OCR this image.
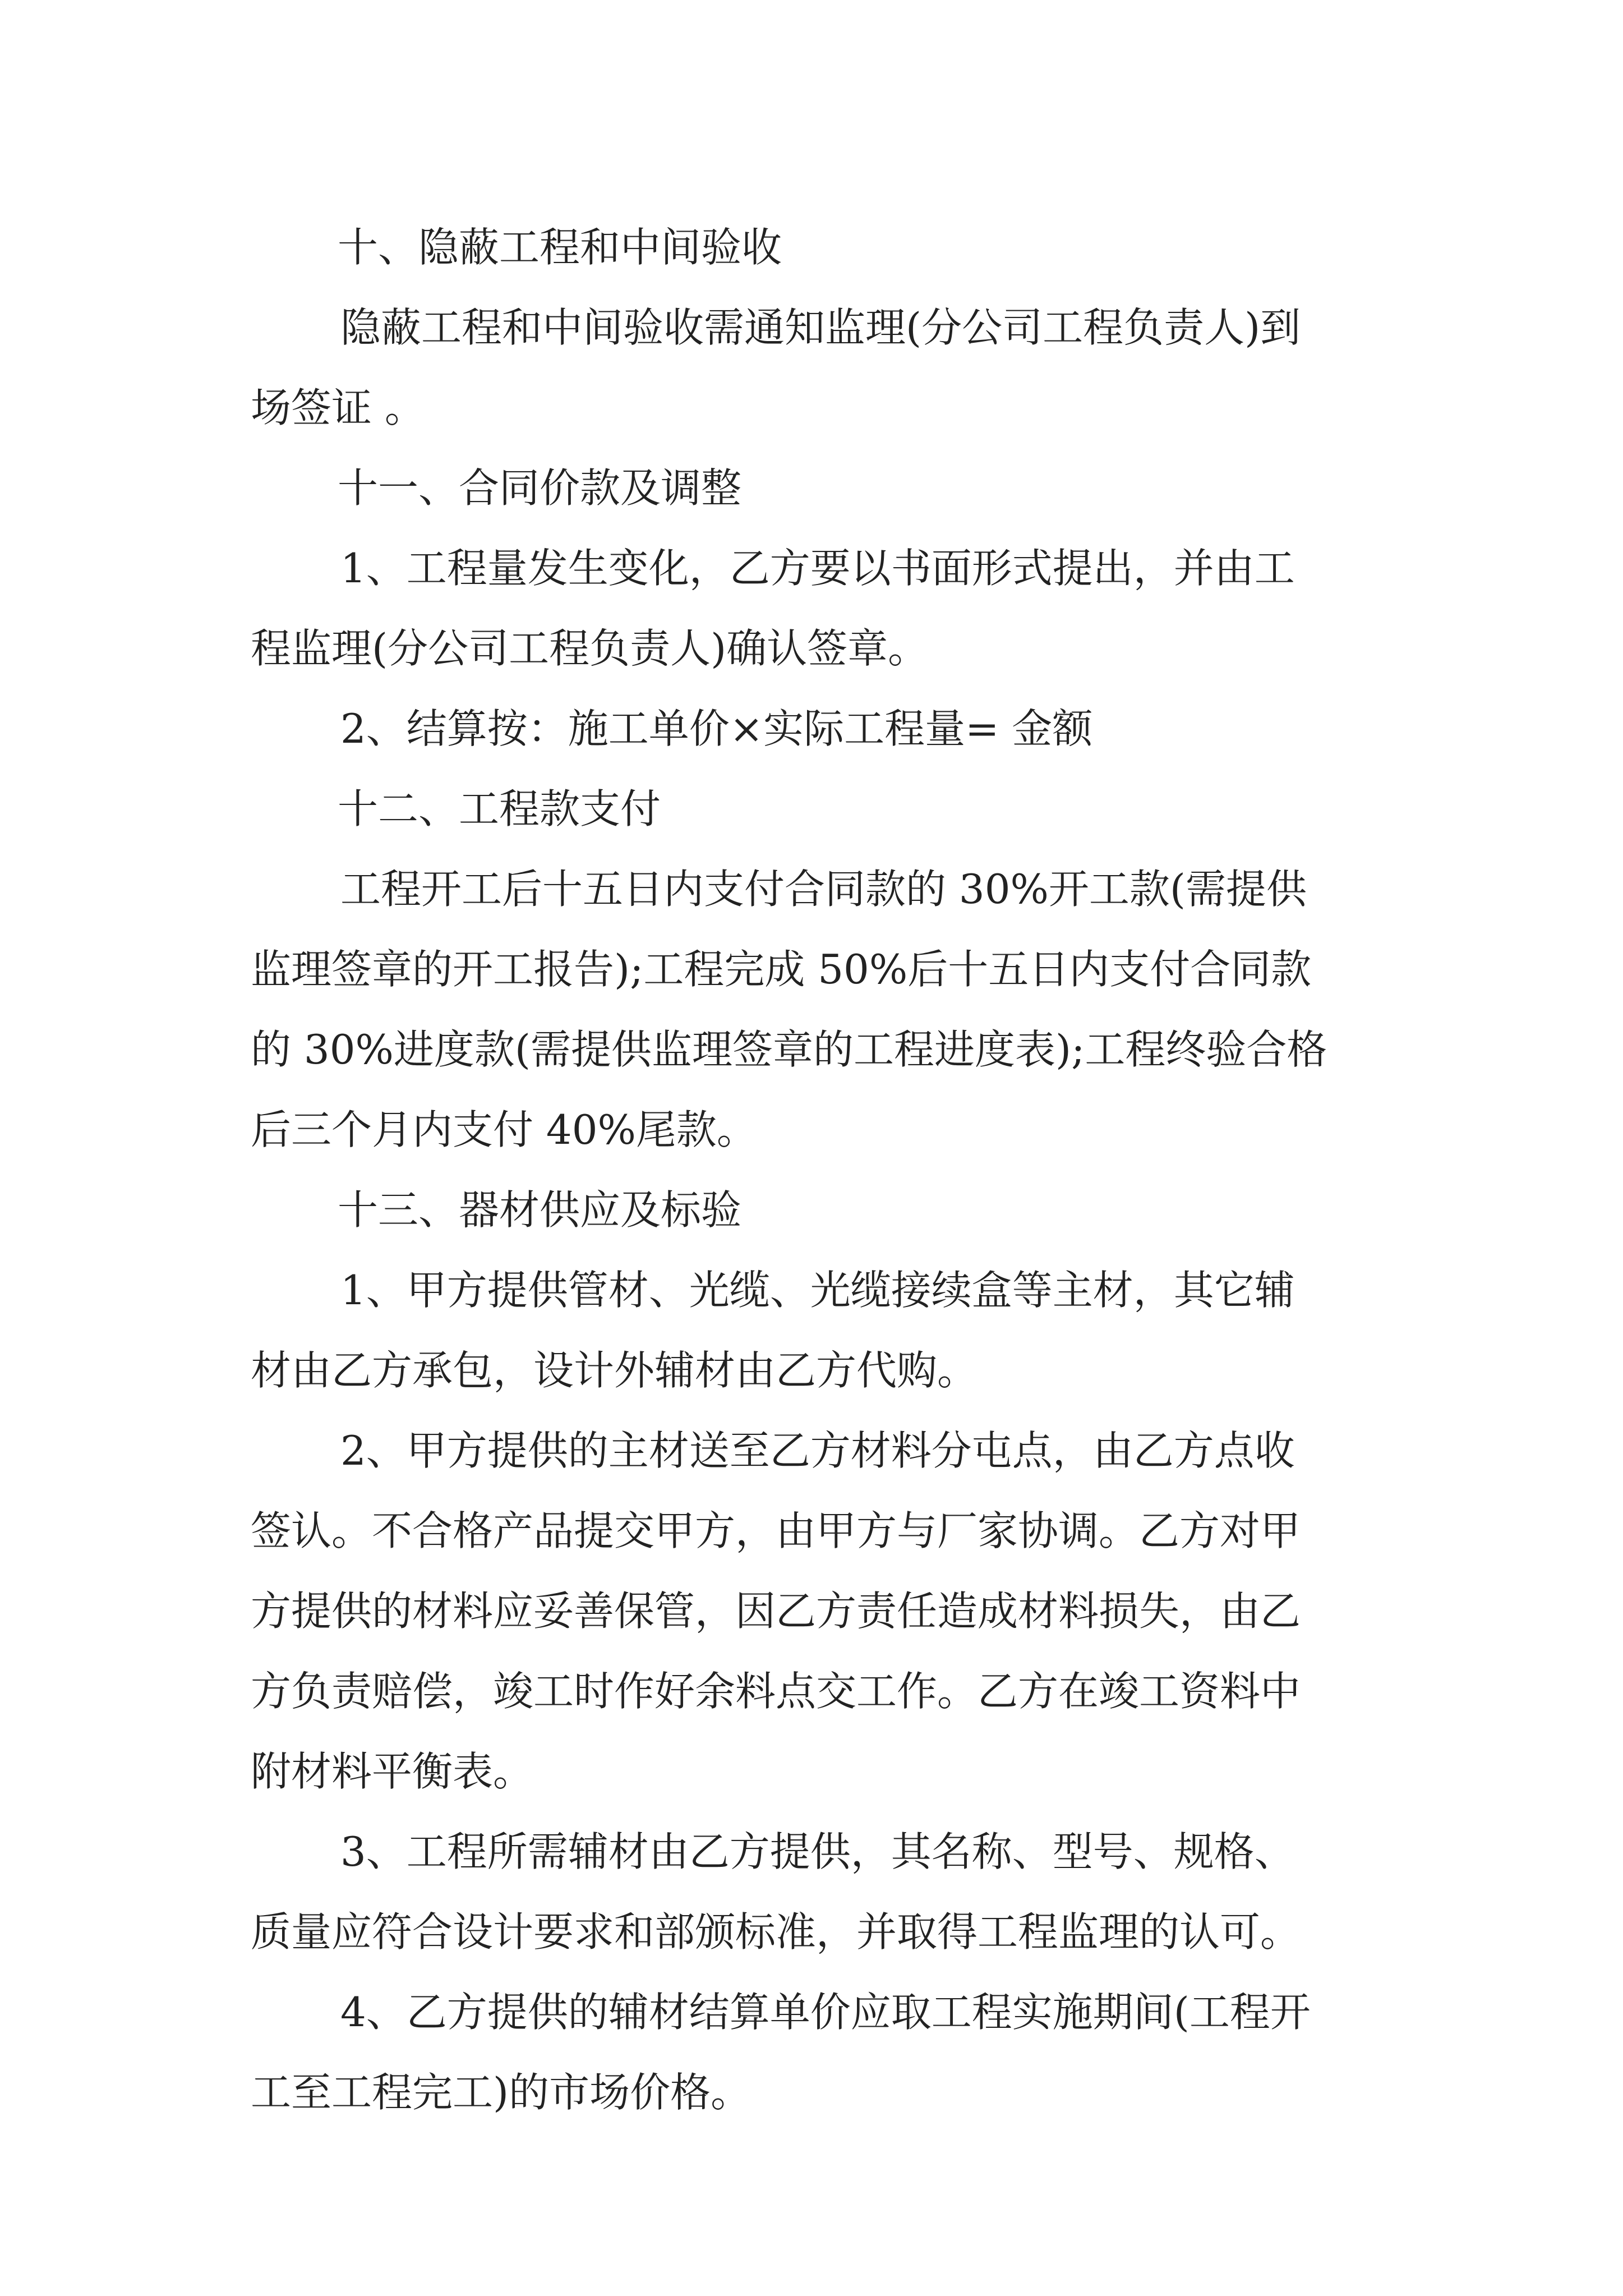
十、隐蔽工程和中间验收
隐蔽工程和中间验收需通知监理(分公司工程负责人)到
场签证 。
十一、合同价款及调整
1、工程量发生变化，乙方要以书面形式提出，并由工
程监理(分公司工程负责人)确认签章。
2、结算按：施工单价×实际工程量= 金额
十二、工程款支付
工程开工后十五日内支付合同款的 30%开工款(需提供
监理签章的开工报告);工程完成 50%后十五日内支付合同款
的 30%进度款(需提供监理签章的工程进度表);工程终验合格
后三个月内支付 40%尾款。
十三、器材供应及标验
1、甲方提供管材、光缆、光缆接续盒等主材，其它辅
材由乙方承包，设计外辅材由乙方代购。
2、甲方提供的主材送至乙方材料分屯点，由乙方点收
签认。不合格产品提交甲方，由甲方与厂家协调。乙方对甲
方提供的材料应妥善保管，因乙方责任造成材料损失，由乙
方负责赔偿，竣工时作好余料点交工作。乙方在竣工资料中
附材料平衡表。
3、工程所需辅材由乙方提供，其名称、型号、规格、
质量应符合设计要求和部颁标准，并取得工程监理的认可。
4、乙方提供的辅材结算单价应取工程实施期间(工程开
工至工程完工)的市场价格。
